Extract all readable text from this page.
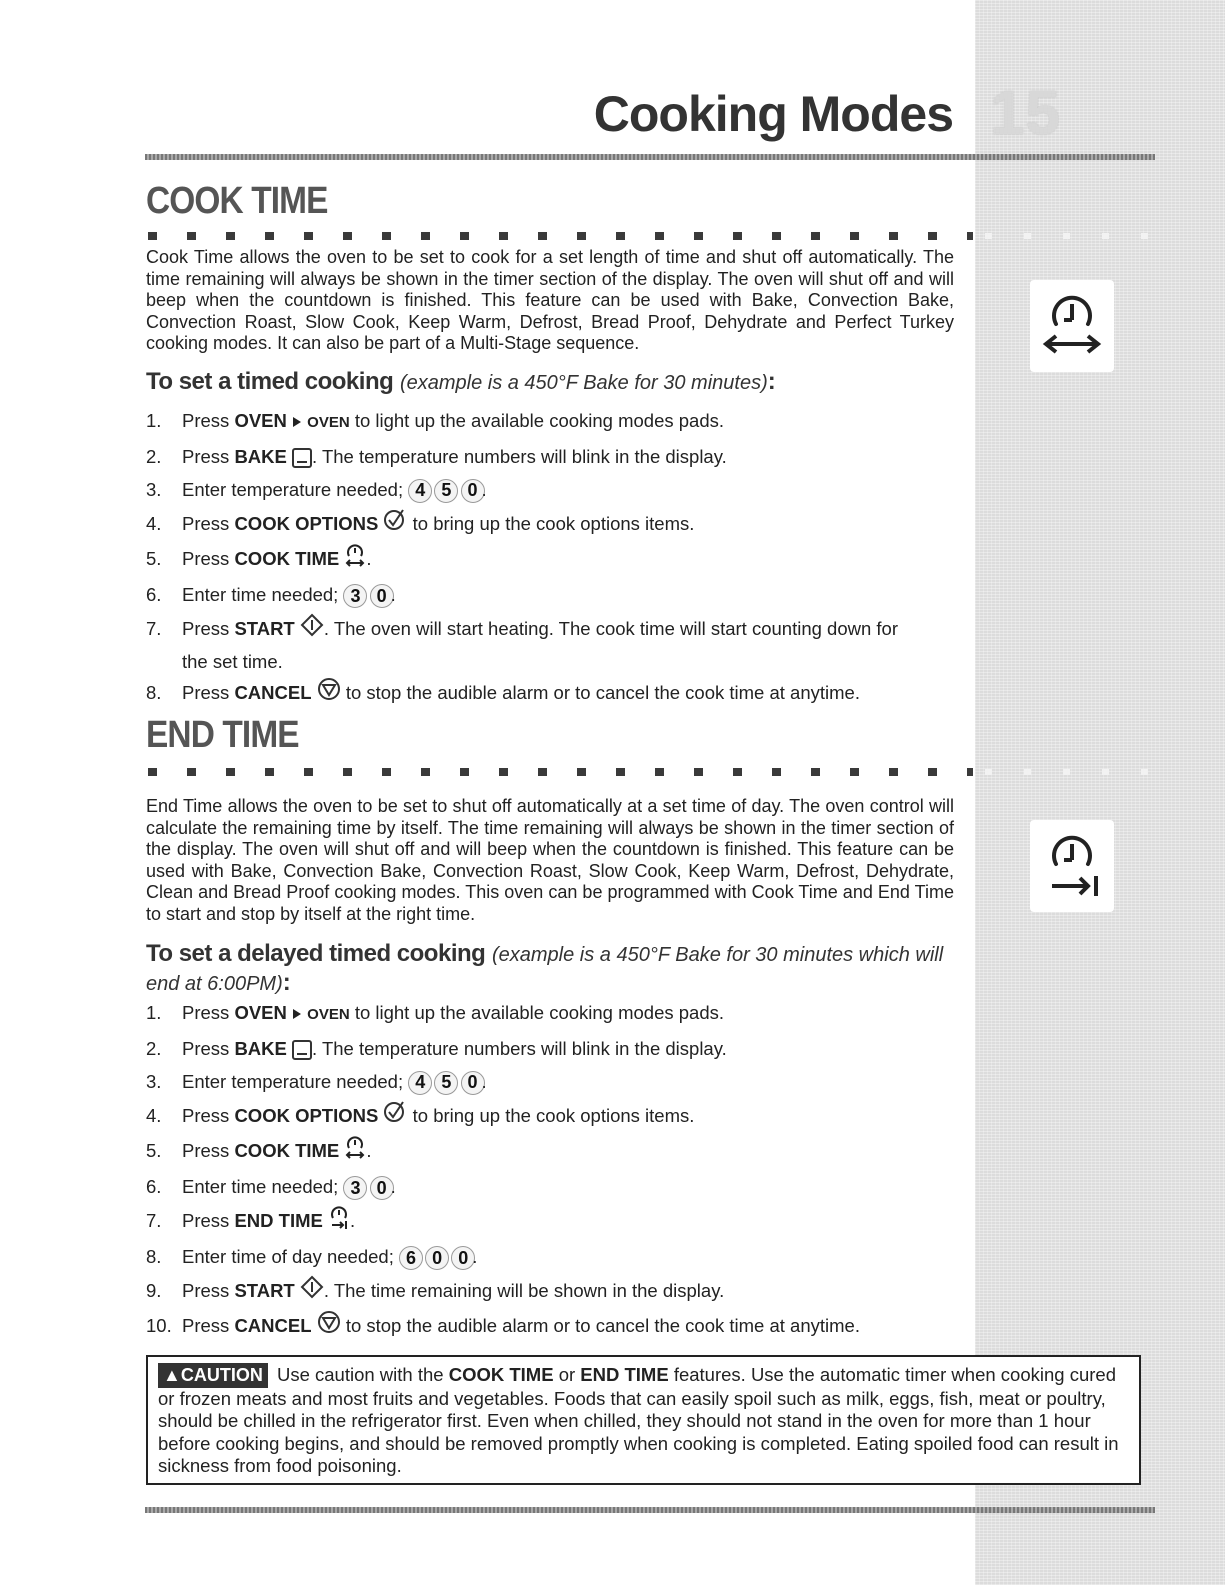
15
Cooking Modes
COOK TIME
Cook Time allows the oven to be set to cook for a set length of time and shut off automatically. The time remaining will always be shown in the timer section of the display. The oven will shut off and will beep when the countdown is finished. This feature can be used with Bake, Convection Bake, Convection Roast, Slow Cook, Keep Warm, Defrost, Bread Proof, Dehydrate and Perfect Turkey cooking modes. It can also be part of a Multi-Stage sequence.
To set a timed cooking (example is a 450°F Bake for 30 minutes):
1. Press OVEN OVEN to light up the available cooking modes pads.
2. Press BAKE . The temperature numbers will blink in the display.
3. Enter temperature needed; 4 5 0 .
4. Press COOK OPTIONS to bring up the cook options items.
5. Press COOK TIME .
6. Enter time needed; 3 0 .
7. Press START . The oven will start heating. The cook time will start counting down for
the set time.
8. Press CANCEL to stop the audible alarm or to cancel the cook time at anytime.
END TIME
End Time allows the oven to be set to shut off automatically at a set time of day. The oven control will calculate the remaining time by itself. The time remaining will always be shown in the timer section of the display. The oven will shut off and will beep when the countdown is finished. This feature can be used with Bake, Convection Bake, Convection Roast, Slow Cook, Keep Warm, Defrost, Dehydrate, Clean and Bread Proof cooking modes. This oven can be programmed with Cook Time and End Time to start and stop by itself at the right time.
To set a delayed timed cooking (example is a 450°F Bake for 30 minutes which will end at 6:00PM):
1. Press OVEN OVEN to light up the available cooking modes pads.
2. Press BAKE . The temperature numbers will blink in the display.
3. Enter temperature needed; 4 5 0 .
4. Press COOK OPTIONS to bring up the cook options items.
5. Press COOK TIME .
6. Enter time needed; 3 0 .
7. Press END TIME .
8. Enter time of day needed; 6 0 0 .
9. Press START . The time remaining will be shown in the display.
10. Press CANCEL to stop the audible alarm or to cancel the cook time at anytime.
▲CAUTION Use caution with the COOK TIME or END TIME features. Use the automatic timer when cooking cured or frozen meats and most fruits and vegetables. Foods that can easily spoil such as milk, eggs, fish, meat or poultry, should be chilled in the refrigerator first. Even when chilled, they should not stand in the oven for more than 1 hour before cooking begins, and should be removed promptly when cooking is completed. Eating spoiled food can result in sickness from food poisoning.
